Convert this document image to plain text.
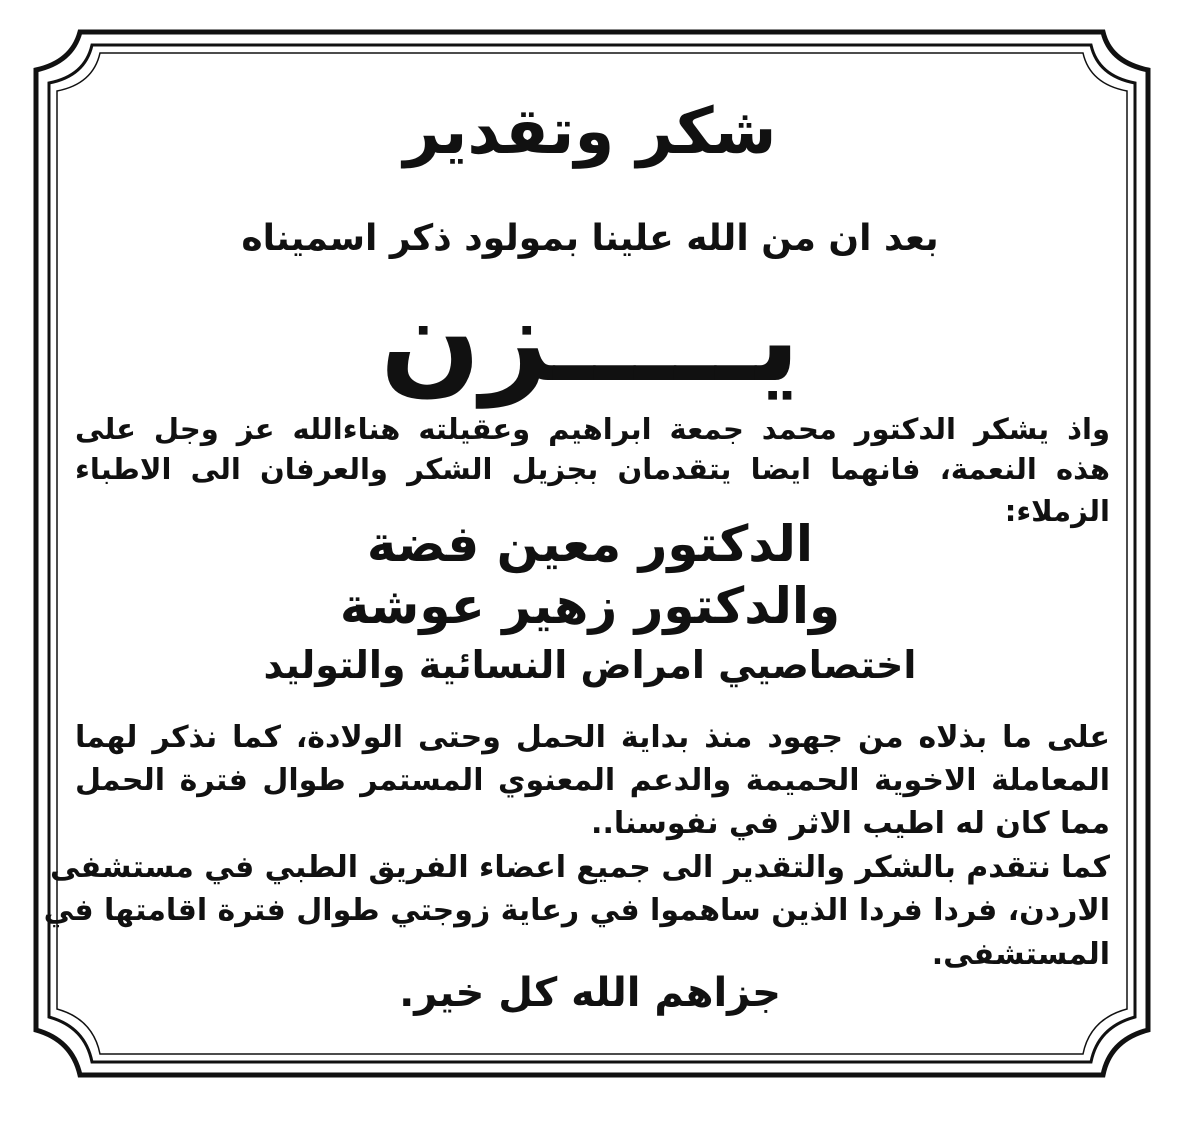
شكر وتقدير
بعد ان من الله علينا بمولود ذكر اسميناه
يـــــزن
واذ يشكر الدكتور محمد جمعة ابراهيم وعقيلته هناءالله عز وجل على
هذه النعمة، فانهما ايضا يتقدمان بجزيل الشكر والعرفان الى الاطباء
الزملاء:
الدكتور معين فضة
والدكتور زهير عوشة
اختصاصيي امراض النسائية والتوليد
على ما بذلاه من جهود منذ بداية الحمل وحتى الولادة، كما نذكر لهما
المعاملة الاخوية الحميمة والدعم المعنوي المستمر طوال فترة الحمل
مما كان له اطيب الاثر في نفوسنا..
كما نتقدم بالشكر والتقدير الى جميع اعضاء الفريق الطبي في مستشفى
الاردن، فردا فردا الذين ساهموا في رعاية زوجتي طوال فترة اقامتها في
المستشفى.
جزاهم الله كل خير.
